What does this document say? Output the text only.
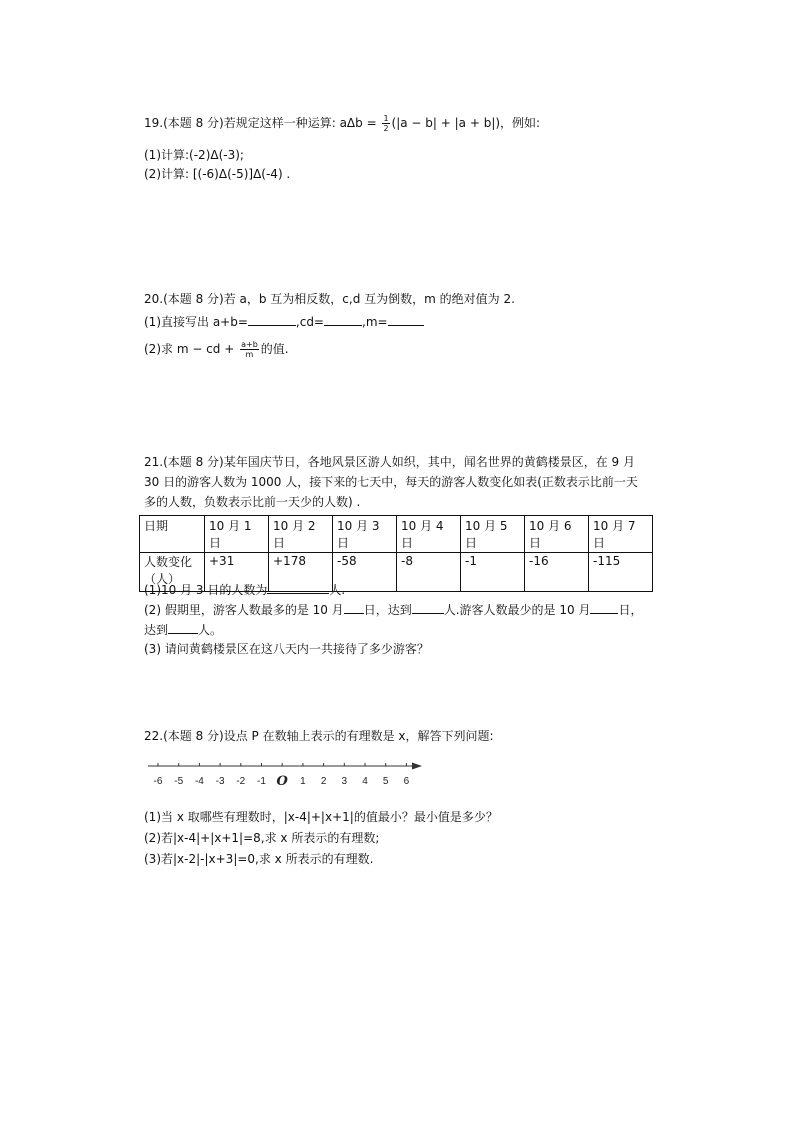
19.(本题 8 分)若规定这样一种运算: $a\Delta b = \frac{1}{2} (|a - b| + |a + b|)$，例如:
(1)计算:(-2)Δ(-3);
(2)计算: [(-6)Δ(-5)]Δ(-4) .
20.(本题 8 分)若 a，b 互为相反数，c,d 互为倒数，m 的绝对值为 2.
(1)直接写出 a+b=	,cd=	,m=
(2)求 m − cd + $\frac{a+b}{m}$ 的值.
21.(本题 8 分)某年国庆节日，各地风景区游人如织，其中，闻名世界的黄鹤楼景区，在 9 月
30 日的游客人数为 1000 人，接下来的七天中，每天的游客人数变化如表(正数表示比前一天
多的人数，负数表示比前一天少的人数) .
日期	10 月 1 日	10 月 2 日	10 月 3 日	10 月 4 日	10 月 5 日	10 月 6 日	10 月 7 日
人数变化
（人）	+31	+178	-58	-8	-1	-16	-115
(1)10 月 3 日的人数为	人.
(2) 假期里，游客人数最多的是 10 月 日，达到	人.游客人数最少的是 10 月 日，
达到	人。
(3) 请问黄鹤楼景区在这八天内一共接待了多少游客？
22.(本题 8 分)设点 P 在数轴上表示的有理数是 x，解答下列问题:
-6 -5 -4 -3 -2 -1 O 1 2 3 4 5 6
(1)当 x 取哪些有理数时，|x-4|+|x+1|的值最小？最小值是多少？
(2)若|x-4|+|x+1|=8,求 x 所表示的有理数;
(3)若|x-2|-|x+3|=0,求 x 所表示的有理数.
